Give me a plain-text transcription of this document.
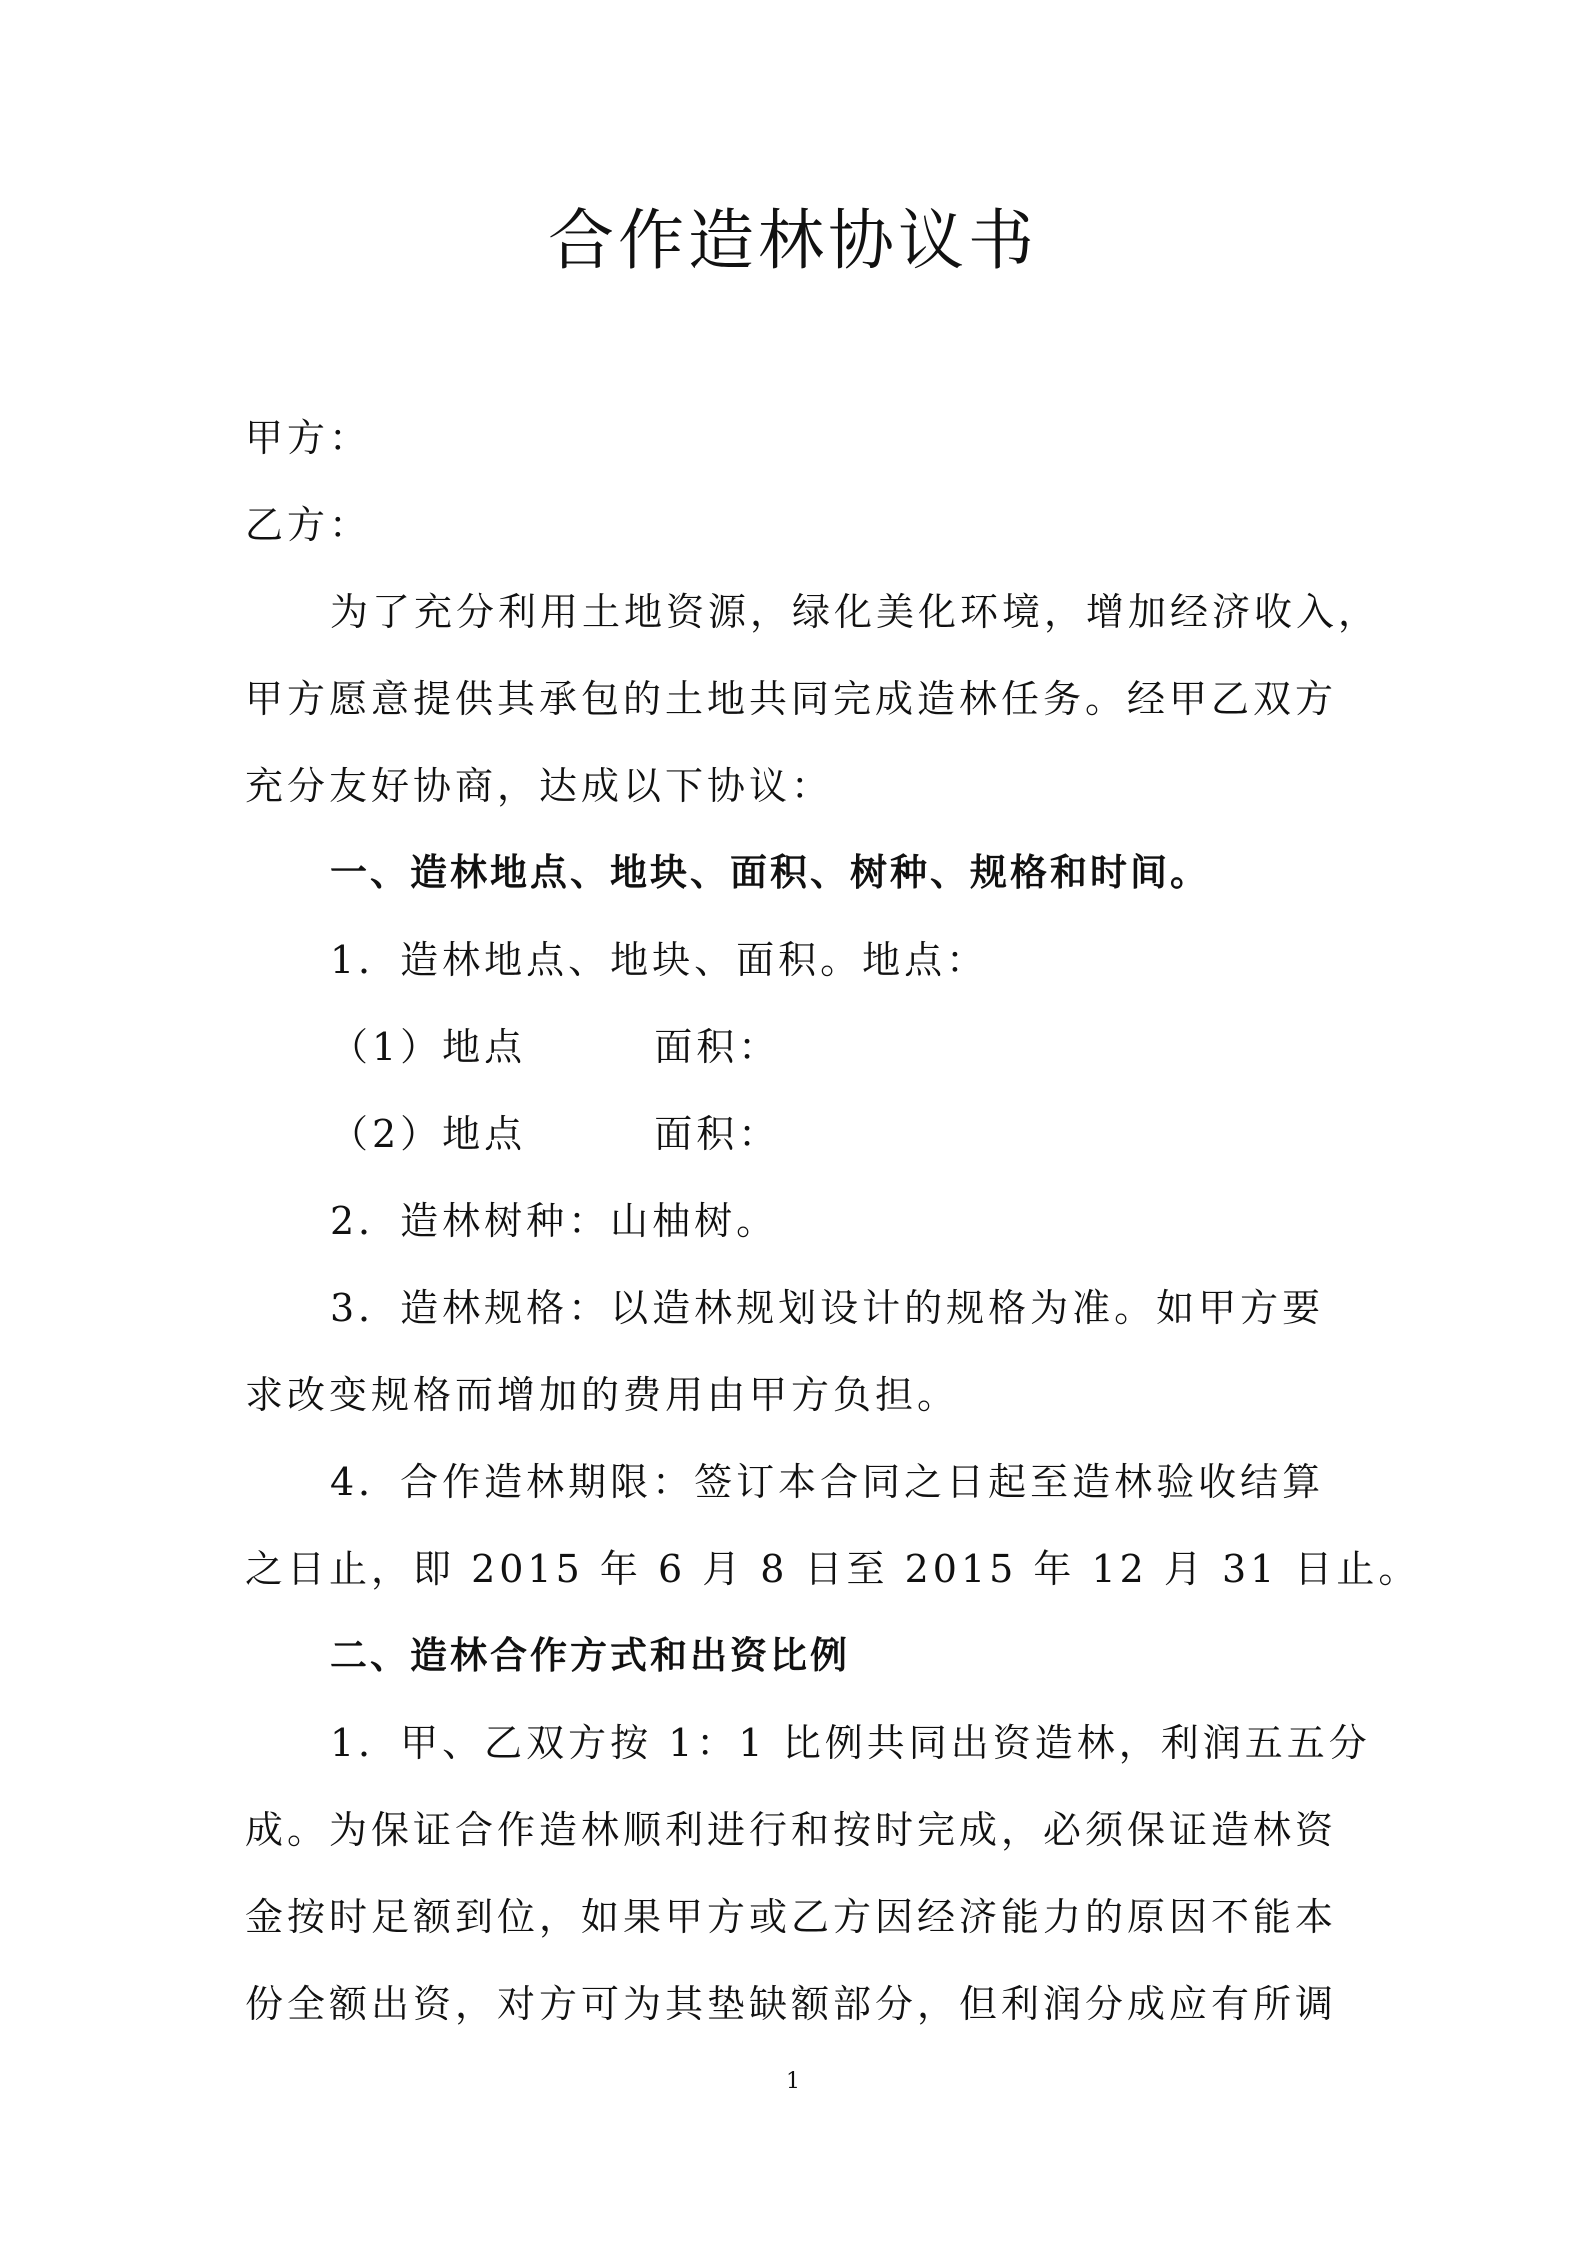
合作造林协议书
甲方：
乙方：
为了充分利用土地资源，绿化美化环境，增加经济收入，
甲方愿意提供其承包的土地共同完成造林任务。经甲乙双方
充分友好协商，达成以下协议：
一、造林地点、地块、面积、树种、规格和时间。
1．造林地点、地块、面积。地点：
（1）地点	面积：
（2）地点	面积：
2．造林树种：山柚树。
3．造林规格：以造林规划设计的规格为准。如甲方要
求改变规格而增加的费用由甲方负担。
4．合作造林期限：签订本合同之日起至造林验收结算
之日止，即 2015 年 6 月 8 日至 2015 年 12 月 31 日止。
二、造林合作方式和出资比例
1．甲、乙双方按 1：1 比例共同出资造林，利润五五分
成。为保证合作造林顺利进行和按时完成，必须保证造林资
金按时足额到位，如果甲方或乙方因经济能力的原因不能本
份全额出资，对方可为其垫缺额部分，但利润分成应有所调
1
